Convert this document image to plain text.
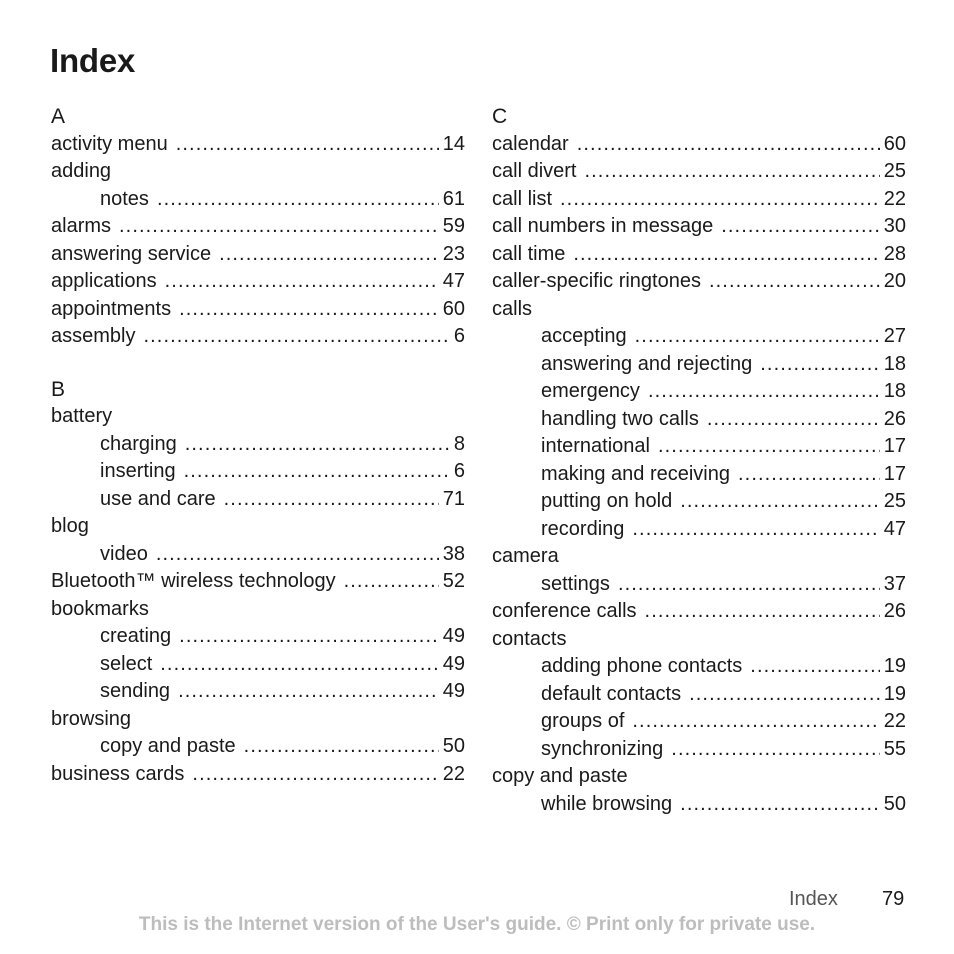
Index
A
activity menu .....	14
adding
notes .....	61
alarms .....	59
answering service .....	23
applications .....	47
appointments .....	60
assembly .....	6
B
battery
charging .....	8
inserting .....	6
use and care .....	71
blog
video .....	38
Bluetooth™ wireless technology .....	52
bookmarks
creating .....	49
select .....	49
sending .....	49
browsing
copy and paste .....	50
business cards .....	22
C
calendar .....	60
call divert .....	25
call list .....	22
call numbers in message .....	30
call time .....	28
caller-specific ringtones .....	20
calls
accepting .....	27
answering and rejecting .....	18
emergency .....	18
handling two calls .....	26
international .....	17
making and receiving .....	17
putting on hold .....	25
recording .....	47
camera
settings .....	37
conference calls .....	26
contacts
adding phone contacts .....	19
default contacts .....	19
groups of .....	22
synchronizing .....	55
copy and paste
while browsing .....	50
Index 79
This is the Internet version of the User's guide. © Print only for private use.
